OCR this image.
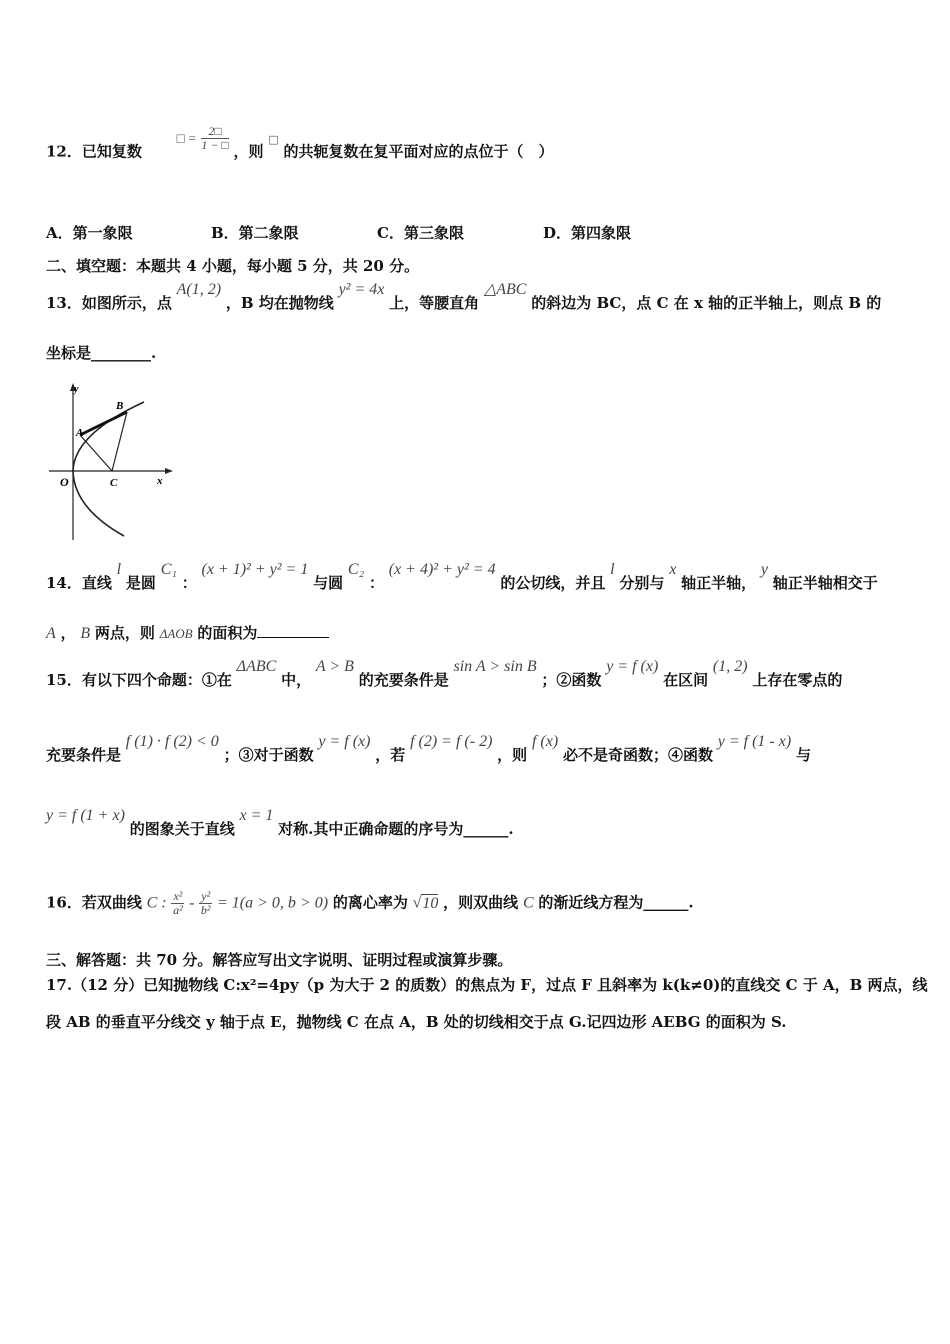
12．已知复数 □ = $\frac{2□}{1 - □}$ ，则 □ 的共轭复数在复平面对应的点位于（　）
A．第一象限	B．第二象限	C．第三象限	D．第四象限
二、填空题：本题共 4 小题，每小题 5 分，共 20 分。
13．如图所示，点 A(1, 2) ，B 均在抛物线 y² = 4x 上，等腰直角 △ABC 的斜边为 BC，点 C 在 x 轴的正半轴上，则点 B 的
坐标是________.
y
x
O
A
B
C
14．直线 l 是圆 C₁ ： (x + 1)² + y² = 1 与圆 C₂ ： (x + 4)² + y² = 4 的公切线，并且 l 分别与 x 轴正半轴， y 轴正半轴相交于
A ， B 两点，则 ΔAOB 的面积为
15．有以下四个命题：①在 ΔABC 中， A > B 的充要条件是 sin A > sin B ；②函数 y = f (x) 在区间 (1, 2) 上存在零点的
充要条件是 f (1) · f (2) < 0 ；③对于函数 y = f (x) ，若 f (2) = f (- 2) ，则 f (x) 必不是奇函数；④函数 y = f (1 - x) 与
y = f (1 + x) 的图象关于直线 x = 1 对称.其中正确命题的序号为______.
16．若双曲线 C : $\frac{\text{x²}}{\text{a²}} - \frac{\text{y²}}{\text{b²}} = 1(a > 0$, b > 0) 的离心率为 √10 ，则双曲线 C 的渐近线方程为______.
三、解答题：共 70 分。解答应写出文字说明、证明过程或演算步骤。
17.（12 分）已知抛物线 C:x²=4py（p 为大于 2 的质数）的焦点为 F，过点 F 且斜率为 k(k≠0)的直线交 C 于 A，B 两点，线
段 AB 的垂直平分线交 y 轴于点 E，抛物线 C 在点 A，B 处的切线相交于点 G.记四边形 AEBG 的面积为 S.
